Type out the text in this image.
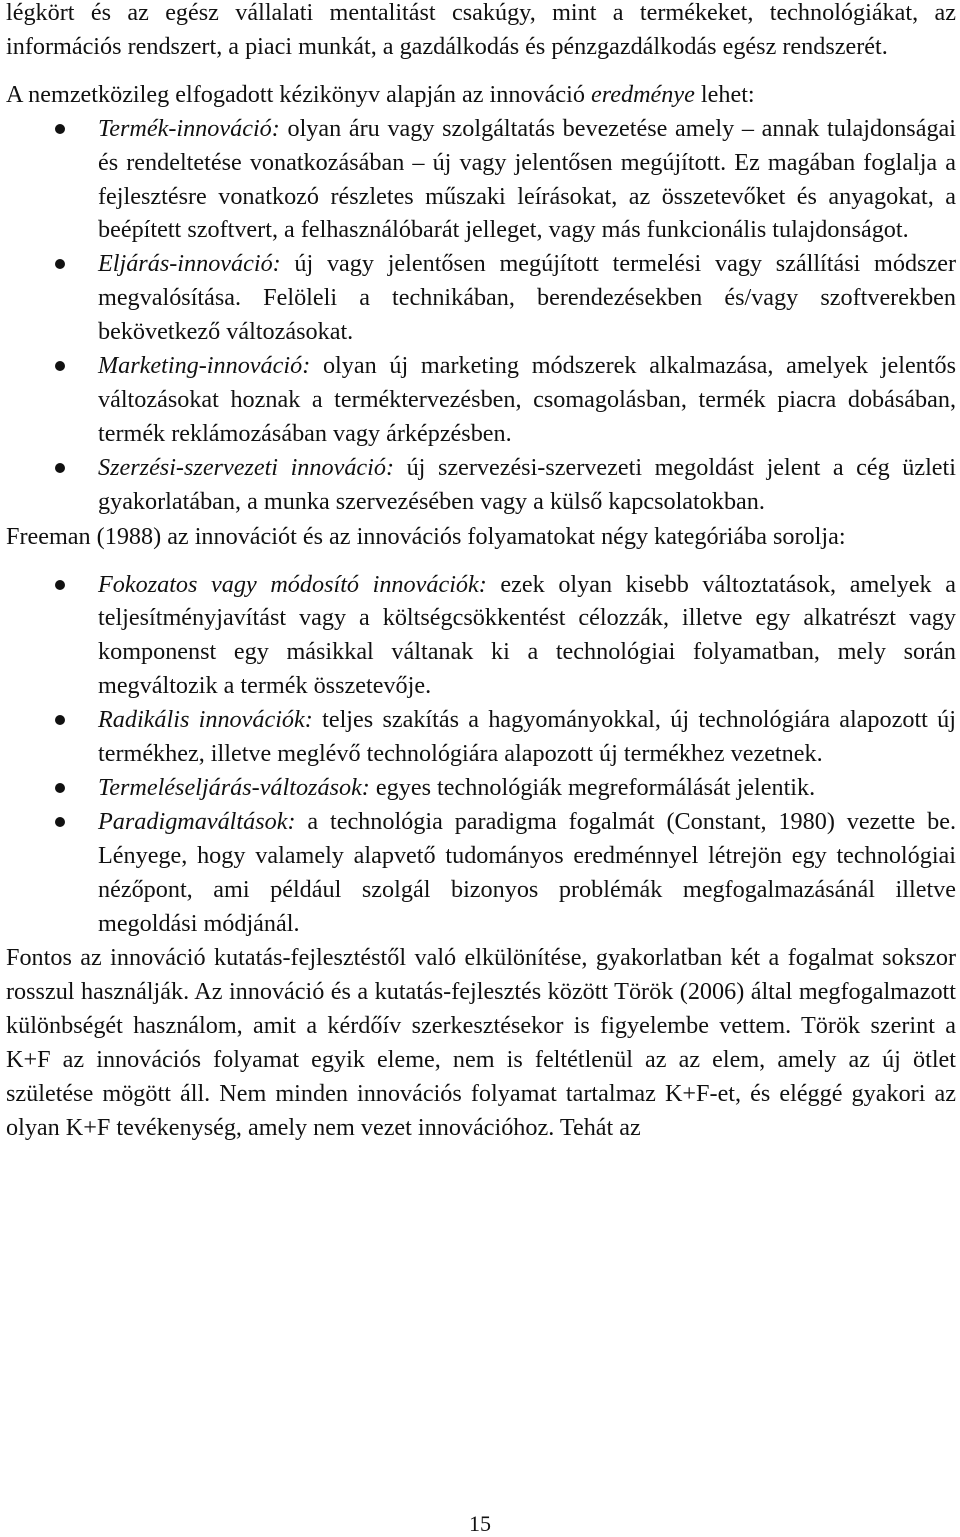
légkört és az egész vállalati mentalitást csakúgy, mint a termékeket, technológiákat, az információs rendszert, a piaci munkát, a gazdálkodás és pénzgazdálkodás egész rendszerét.

A nemzetközileg elfogadott kézikönyv alapján az innováció eredménye lehet:

Termék-innováció: olyan áru vagy szolgáltatás bevezetése amely – annak tulajdonságai és rendeltetése vonatkozásában – új vagy jelentősen megújított. Ez magában foglalja a fejlesztésre vonatkozó részletes műszaki leírásokat, az összetevőket és anyagokat, a beépített szoftvert, a felhasználóbarát jelleget, vagy más funkcionális tulajdonságot.
Eljárás-innováció: új vagy jelentősen megújított termelési vagy szállítási módszer megvalósítása. Felöleli a technikában, berendezésekben és/vagy szoftverekben bekövetkező változásokat.
Marketing-innováció: olyan új marketing módszerek alkalmazása, amelyek jelentős változásokat hoznak a terméktervezésben, csomagolásban, termék piacra dobásában, termék reklámozásában vagy árképzésben.
Szerzési-szervezeti innováció: új szervezési-szervezeti megoldást jelent a cég üzleti gyakorlatában, a munka szervezésében vagy a külső kapcsolatokban.

Freeman (1988) az innovációt és az innovációs folyamatokat négy kategóriába sorolja:

Fokozatos vagy módosító innovációk: ezek olyan kisebb változtatások, amelyek a teljesítményjavítást vagy a költségcsökkentést célozzák, illetve egy alkatrészt vagy komponenst egy másikkal váltanak ki a technológiai folyamatban, mely során megváltozik a termék összetevője.
Radikális innovációk: teljes szakítás a hagyományokkal, új technológiára alapozott új termékhez, illetve meglévő technológiára alapozott új termékhez vezetnek.
Termeléseljárás-változások: egyes technológiák megreformálását jelentik.
Paradigmaváltások: a technológia paradigma fogalmát (Constant, 1980) vezette be. Lényege, hogy valamely alapvető tudományos eredménnyel létrejön egy technológiai nézőpont, ami például szolgál bizonyos problémák megfogalmazásánál illetve megoldási módjánál.

Fontos az innováció kutatás-fejlesztéstől való elkülönítése, gyakorlatban két a fogalmat sokszor rosszul használják. Az innováció és a kutatás-fejlesztés között Török (2006) által megfogalmazott különbségét használom, amit a kérdőív szerkesztésekor is figyelembe vettem. Török szerint a K+F az innovációs folyamat egyik eleme, nem is feltétlenül az az elem, amely az új ötlet születése mögött áll. Nem minden innovációs folyamat tartalmaz K+F-et, és eléggé gyakori az olyan K+F tevékenység, amely nem vezet innovációhoz. Tehát az

15
